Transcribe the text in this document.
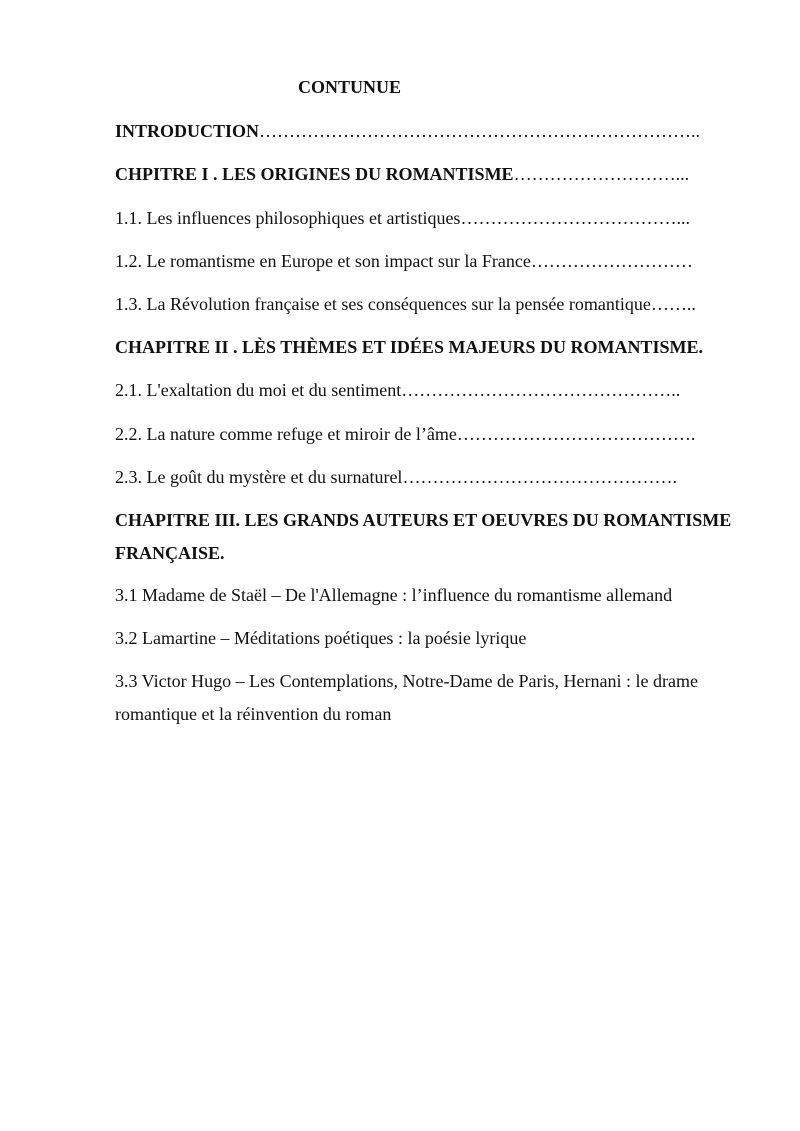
CONTUNUE
INTRODUCTION………………………………………………………………..
CHPITRE I . LES ORIGINES DU ROMANTISME………………………...
1.1. Les influences philosophiques et artistiques………………………………...
1.2. Le romantisme en Europe et son impact sur la France………………………
1.3. La Révolution française et ses conséquences sur la pensée romantique……..
CHAPITRE II . LÈS THÈMES ET IDÉES MAJEURS DU ROMANTISME.
2.1. L'exaltation du moi et du sentiment………………………………………..
2.2. La nature comme refuge et miroir de l’âme………………………………….
2.3. Le goût du mystère et du surnaturel……………………………………….
CHAPITRE III. LES GRANDS AUTEURS ET OEUVRES DU ROMANTISME FRANÇAISE.
3.1 Madame de Staël – De l'Allemagne : l’influence du romantisme allemand
3.2 Lamartine – Méditations poétiques : la poésie lyrique
3.3 Victor Hugo – Les Contemplations, Notre-Dame de Paris, Hernani : le drame romantique et la réinvention du roman
